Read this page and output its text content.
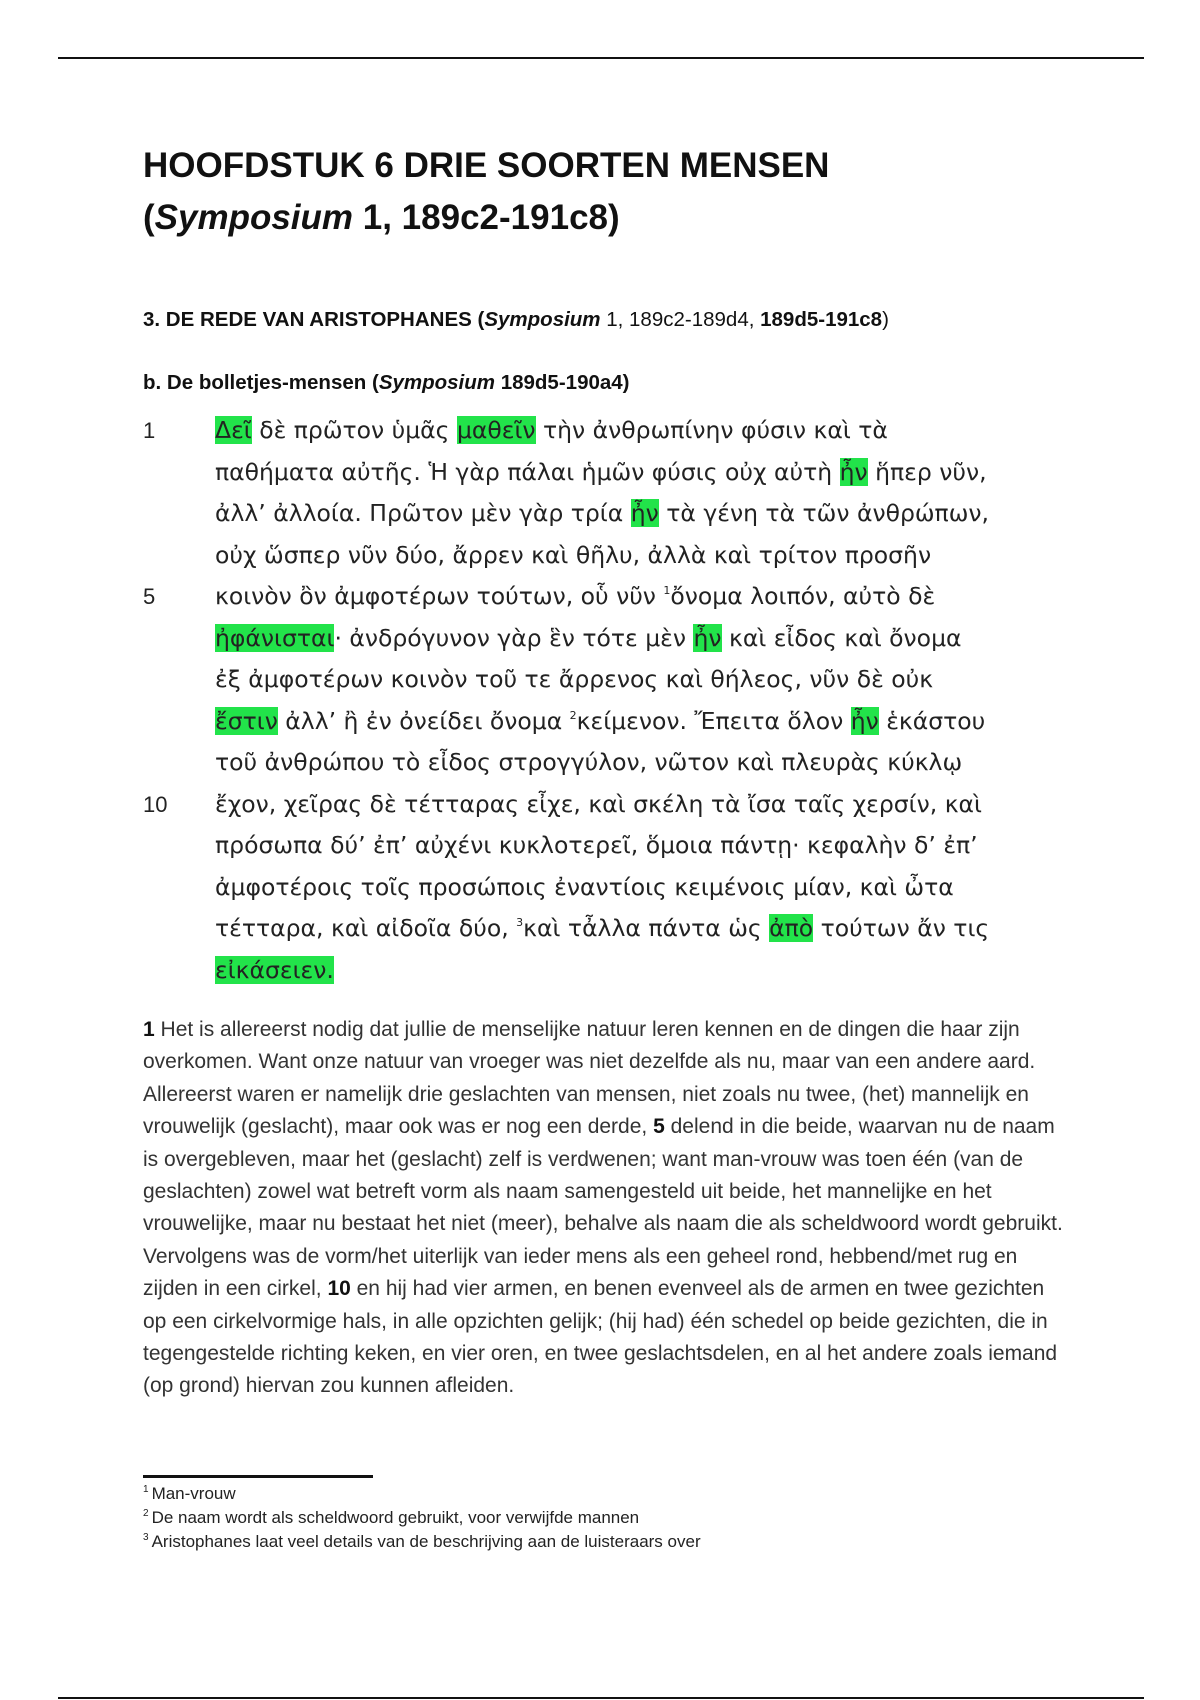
HOOFDSTUK 6 DRIE SOORTEN MENSEN
(Symposium 1, 189c2-191c8)
3. DE REDE VAN ARISTOPHANES (Symposium 1, 189c2-189d4, 189d5-191c8)
b. De bolletjes-mensen (Symposium 189d5-190a4)
1	Δεῖ δὲ πρῶτον ὑμᾶς μαθεῖν τὴν ἀνθρωπίνην φύσιν καὶ τὰ
παθήματα αὐτῆς. Ἡ γὰρ πάλαι ἡμῶν φύσις οὐχ αὐτὴ ἦν ἥπερ νῦν,
ἀλλ’ ἀλλοία. Πρῶτον μὲν γὰρ τρία ἦν τὰ γένη τὰ τῶν ἀνθρώπων,
οὐχ ὥσπερ νῦν δύο, ἄρρεν καὶ θῆλυ, ἀλλὰ καὶ τρίτον προσῆν
5	κοινὸν ὂν ἀμφοτέρων τούτων, οὗ νῦν $^1$ὄνομα λοιπόν, αὐτὸ δὲ
ἠφάνισται· ἀνδρόγυνον γὰρ ἓν τότε μὲν ἦν καὶ εἶδος καὶ ὄνομα
ἐξ ἀμφοτέρων κοινὸν τοῦ τε ἄρρενος καὶ θήλεος, νῦν δὲ οὐκ
ἔστιν ἀλλ’ ἢ ἐν ὀνείδει ὄνομα $^2$κείμενον. Ἔπειτα ὅλον ἦν ἑκάστου
τοῦ ἀνθρώπου τὸ εἶδος στρογγύλον, νῶτον καὶ πλευρὰς κύκλῳ
10 ἔχον, χεῖρας δὲ τέτταρας εἶχε, καὶ σκέλη τὰ ἴσα ταῖς χερσίν, καὶ
πρόσωπα δύ’ ἐπ’ αὐχένι κυκλοτερεῖ, ὅμοια πάντῃ· κεφαλὴν δ’ ἐπ’
ἀμφοτέροις τοῖς προσώποις ἐναντίοις κειμένοις μίαν, καὶ ὦτα
τέτταρα, καὶ αἰδοῖα δύο, $^3$καὶ τἆλλα πάντα ὡς ἀπὸ τούτων ἄν τις
εἰκάσειεν.

1 Het is allereerst nodig dat jullie de menselijke natuur leren kennen en de dingen die haar zijn overkomen. Want onze natuur van vroeger was niet dezelfde als nu, maar van een andere aard. Allereerst waren er namelijk drie geslachten van mensen, niet zoals nu twee, (het) mannelijk en vrouwelijk (geslacht), maar ook was er nog een derde, 5 delend in die beide, waarvan nu de naam is overgebleven, maar het (geslacht) zelf is verdwenen; want man-vrouw was toen één (van de geslachten) zowel wat betreft vorm als naam samengesteld uit beide, het mannelijke en het vrouwelijke, maar nu bestaat het niet (meer), behalve als naam die als scheldwoord wordt gebruikt.
Vervolgens was de vorm/het uiterlijk van ieder mens als een geheel rond, hebbend/met rug en zijden in een cirkel, 10 en hij had vier armen, en benen evenveel als de armen en twee gezichten op een cirkelvormige hals, in alle opzichten gelijk; (hij had) één schedel op beide gezichten, die in tegengestelde richting keken, en vier oren, en twee geslachtsdelen, en al het andere zoals iemand (op grond) hiervan zou kunnen afleiden.

$^1$ Man-vrouw
$^2$ De naam wordt als scheldwoord gebruikt, voor verwijfde mannen
$^3$ Aristophanes laat veel details van de beschrijving aan de luisteraars over
